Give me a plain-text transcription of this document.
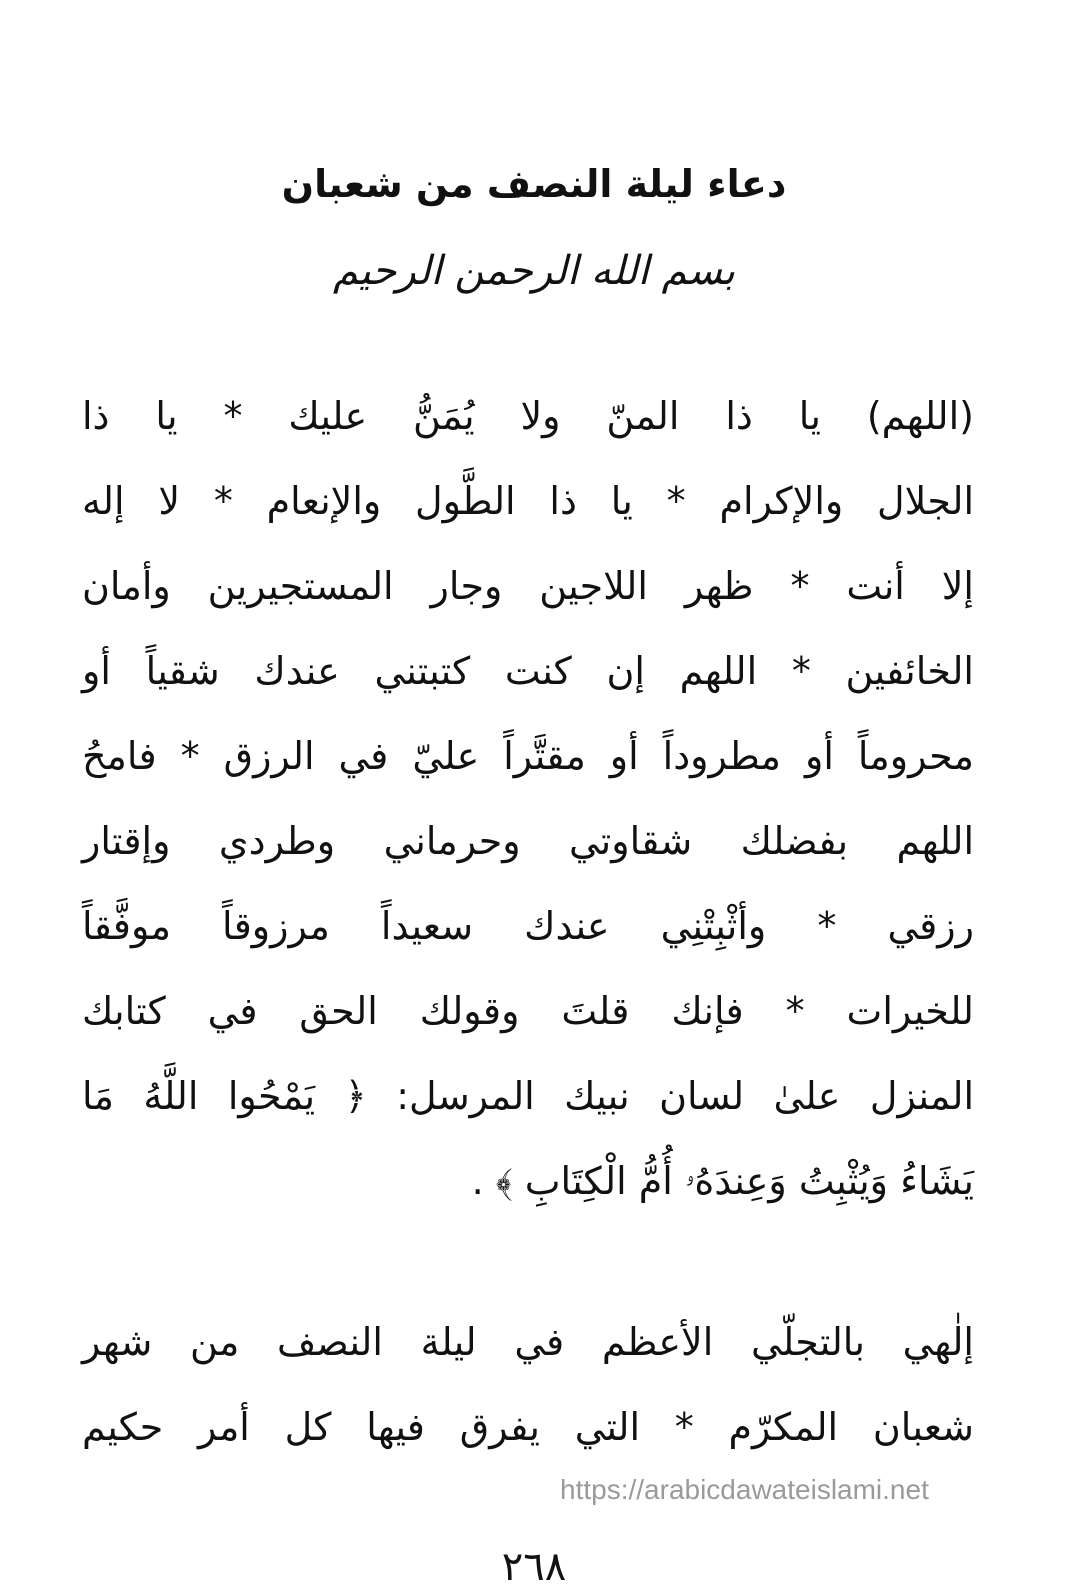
دعاء ليلة النصف من شعبان
بسم الله الرحمن الرحيم
(اللهم) يا ذا المنّ ولا يُمَنُّ عليك * يا ذا
الجلال والإكرام * يا ذا الطَّول والإنعام * لا إله
إلا أنت * ظهر اللاجين وجار المستجيرين وأمان
الخائفين * اللهم إن كنت كتبتني عندك شقياً أو
محروماً أو مطروداً أو مقتَّراً عليّ في الرزق * فامحُ
اللهم بفضلك شقاوتي وحرماني وطردي وإقتار
رزقي * وأثْبِتْنِي عندك سعيداً مرزوقاً موفَّقاً
للخيرات * فإنك قلتَ وقولك الحق في كتابك
المنزل علىٰ لسان نبيك المرسل: ﴿ يَمْحُوا اللَّهُ مَا
يَشَاءُ وَيُثْبِتُ وَعِندَهُۥ أُمُّ الْكِتَابِ ﴾ .
إلٰهي بالتجلّي الأعظم في ليلة النصف من شهر
شعبان المكرّم * التي يفرق فيها كل أمر حكيم
https://arabicdawateislami.net
٢٦٨
